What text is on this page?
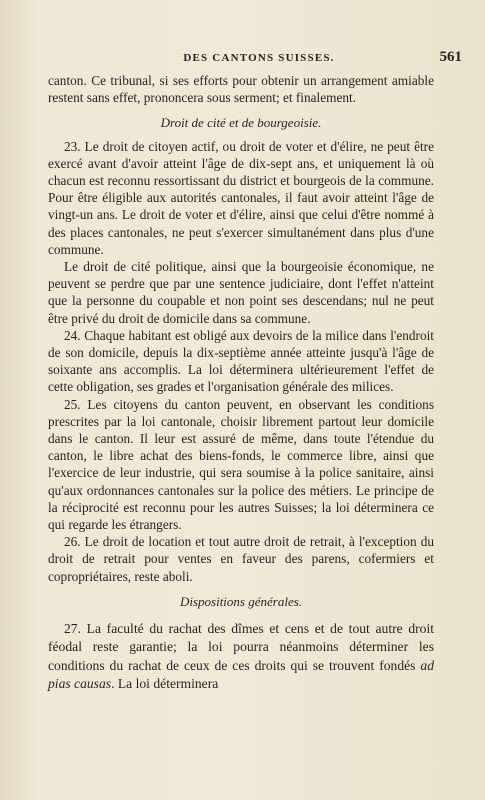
DES CANTONS SUISSES.	561

canton. Ce tribunal, si ses efforts pour obtenir un arrangement amiable restent sans effet, prononcera sous serment; et finalement.

Droit de cité et de bourgeoisie.

23. Le droit de citoyen actif, ou droit de voter et d'élire, ne peut être exercé avant d'avoir atteint l'âge de dix-sept ans, et uniquement là où chacun est reconnu ressortissant du district et bourgeois de la commune. Pour être éligible aux autorités cantonales, il faut avoir atteint l'âge de vingt-un ans. Le droit de voter et d'élire, ainsi que celui d'être nommé à des places cantonales, ne peut s'exercer simultanément dans plus d'une commune.

Le droit de cité politique, ainsi que la bourgeoisie économique, ne peuvent se perdre que par une sentence judiciaire, dont l'effet n'atteint que la personne du coupable et non point ses descendans; nul ne peut être privé du droit de domicile dans sa commune.

24. Chaque habitant est obligé aux devoirs de la milice dans l'endroit de son domicile, depuis la dix-septième année atteinte jusqu'à l'âge de soixante ans accomplis. La loi déterminera ultérieurement l'effet de cette obligation, ses grades et l'organisation générale des milices.

25. Les citoyens du canton peuvent, en observant les conditions prescrites par la loi cantonale, choisir librement partout leur domicile dans le canton. Il leur est assuré de même, dans toute l'étendue du canton, le libre achat des biens-fonds, le commerce libre, ainsi que l'exercice de leur industrie, qui sera soumise à la police sanitaire, ainsi qu'aux ordonnances cantonales sur la police des métiers. Le principe de la réciprocité est reconnu pour les autres Suisses; la loi déterminera ce qui regarde les étrangers.

26. Le droit de location et tout autre droit de retrait, à l'exception du droit de retrait pour ventes en faveur des parens, cofermiers et copropriétaires, reste aboli.

Dispositions générales.

27. La faculté du rachat des dîmes et cens et de tout autre droit féodal reste garantie; la loi pourra néanmoins déterminer les conditions du rachat de ceux de ces droits qui se trouvent fondés ad pias causas. La loi déterminera
